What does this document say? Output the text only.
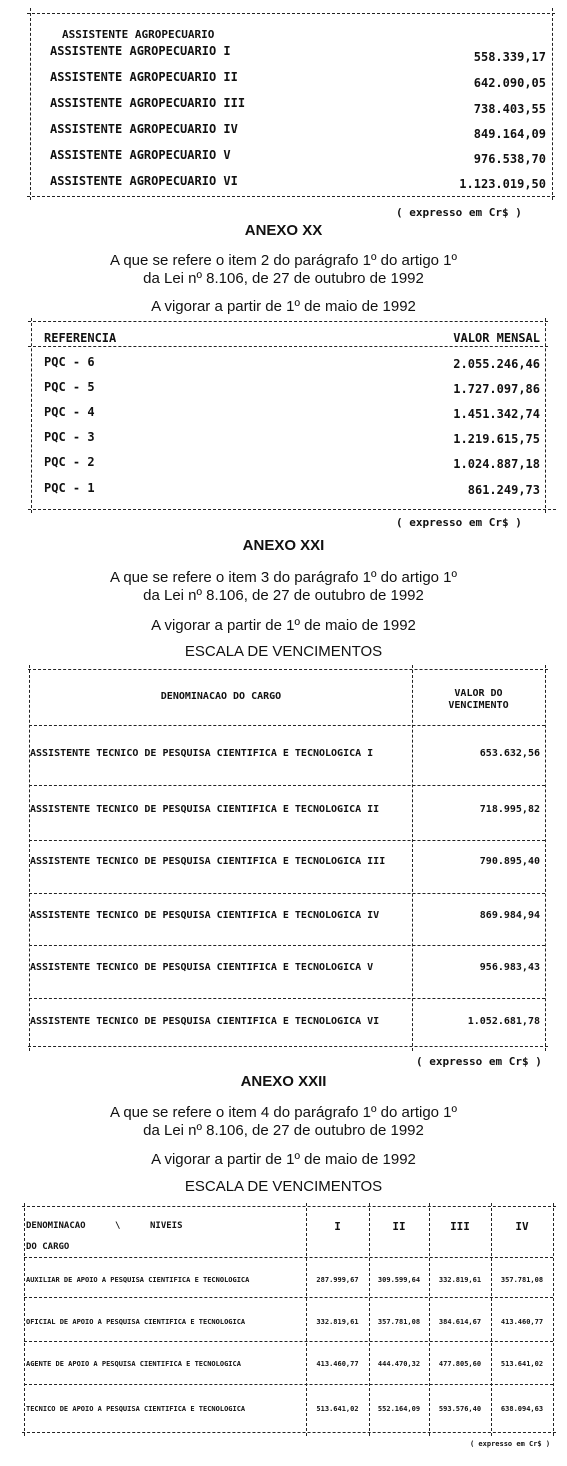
ASSISTENTE AGROPECUARIO
ASSISTENTE AGROPECUARIO I	558.339,17
ASSISTENTE AGROPECUARIO II	642.090,05
ASSISTENTE AGROPECUARIO III	738.403,55
ASSISTENTE AGROPECUARIO IV	849.164,09
ASSISTENTE AGROPECUARIO V	976.538,70
ASSISTENTE AGROPECUARIO VI	1.123.019,50
( expresso em Cr$ )
ANEXO XX
A que se refere o item 2 do parágrafo 1º do artigo 1º
da Lei nº 8.106, de 27 de outubro de 1992
A vigorar a partir de 1º de maio de 1992
REFERENCIA	VALOR MENSAL
PQC - 6	2.055.246,46
PQC - 5	1.727.097,86
PQC - 4	1.451.342,74
PQC - 3	1.219.615,75
PQC - 2	1.024.887,18
PQC - 1	861.249,73
( expresso em Cr$ )
ANEXO XXI
A que se refere o item 3 do parágrafo 1º do artigo 1º
da Lei nº 8.106, de 27 de outubro de 1992
A vigorar a partir de 1º de maio de 1992
ESCALA DE VENCIMENTOS
DENOMINACAO DO CARGO	VALOR DO
VENCIMENTO
ASSISTENTE TECNICO DE PESQUISA CIENTIFICA E TECNOLOGICA I	653.632,56
ASSISTENTE TECNICO DE PESQUISA CIENTIFICA E TECNOLOGICA II	718.995,82
ASSISTENTE TECNICO DE PESQUISA CIENTIFICA E TECNOLOGICA III	790.895,40
ASSISTENTE TECNICO DE PESQUISA CIENTIFICA E TECNOLOGICA IV	869.984,94
ASSISTENTE TECNICO DE PESQUISA CIENTIFICA E TECNOLOGICA V	956.983,43
ASSISTENTE TECNICO DE PESQUISA CIENTIFICA E TECNOLOGICA VI	1.052.681,78
( expresso em Cr$ )
ANEXO XXII
A que se refere o item 4 do parágrafo 1º do artigo 1º
da Lei nº 8.106, de 27 de outubro de 1992
A vigorar a partir de 1º de maio de 1992
ESCALA DE VENCIMENTOS
DENOMINACAO	\	NIVEIS
DO CARGO
I	II	III	IV
AUXILIAR DE APOIO A PESQUISA CIENTIFICA E TECNOLOGICA	287.999,67	309.599,64	332.819,61	357.781,08
OFICIAL DE APOIO A PESQUISA CIENTIFICA E TECNOLOGICA	332.819,61	357.781,08	384.614,67	413.460,77
AGENTE DE APOIO A PESQUISA CIENTIFICA E TECNOLOGICA	413.460,77	444.470,32	477.805,60	513.641,02
TECNICO DE APOIO A PESQUISA CIENTIFICA E TECNOLOGICA	513.641,02	552.164,09	593.576,40	638.094,63
( expresso em Cr$ )
